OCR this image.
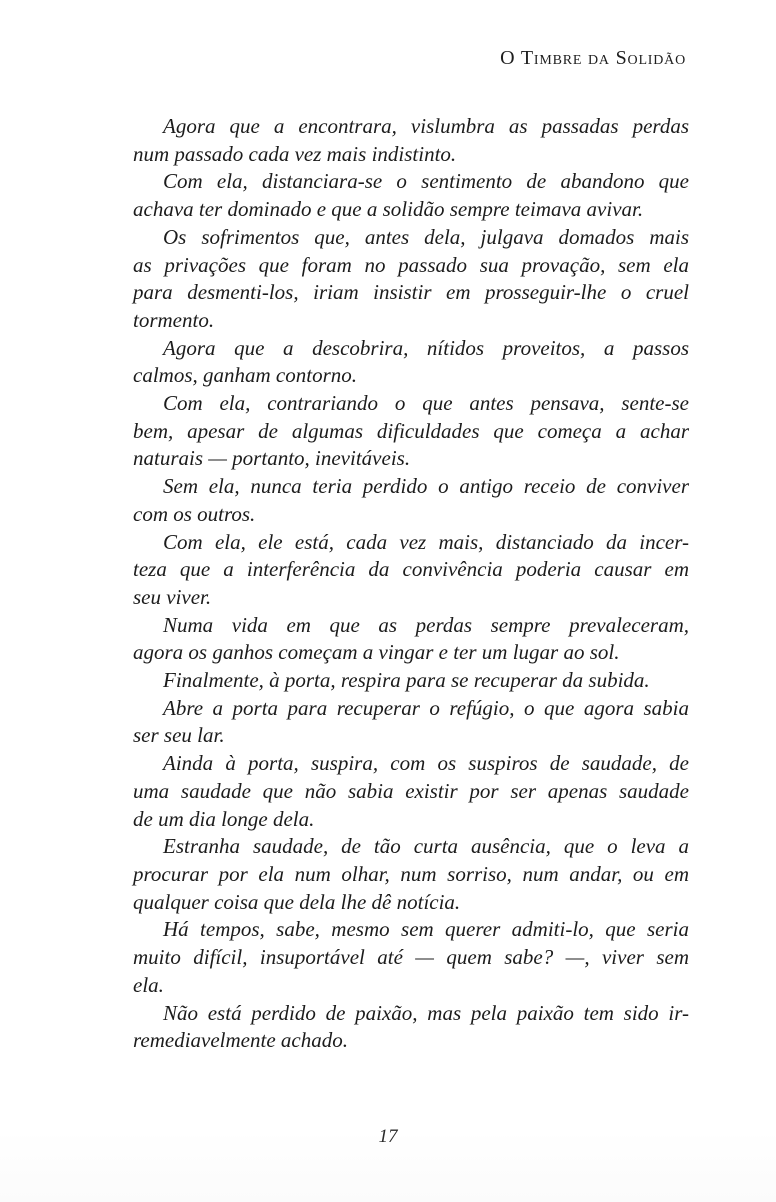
O Timbre da Solidão

Agora que a encontrara, vislumbra as passadas perdas
num passado cada vez mais indistinto.

Com ela, distanciara-se o sentimento de abandono que
achava ter dominado e que a solidão sempre teimava avivar.

Os sofrimentos que, antes dela, julgava domados mais
as privações que foram no passado sua provação, sem ela
para desmenti-los, iriam insistir em prosseguir-lhe o cruel
tormento.

Agora que a descobrira, nítidos proveitos, a passos
calmos, ganham contorno.

Com ela, contrariando o que antes pensava, sente-se
bem, apesar de algumas dificuldades que começa a achar
naturais — portanto, inevitáveis.

Sem ela, nunca teria perdido o antigo receio de conviver
com os outros.

Com ela, ele está, cada vez mais, distanciado da incer-
teza que a interferência da convivência poderia causar em
seu viver.

Numa vida em que as perdas sempre prevaleceram,
agora os ganhos começam a vingar e ter um lugar ao sol.

Finalmente, à porta, respira para se recuperar da subida.

Abre a porta para recuperar o refúgio, o que agora sabia
ser seu lar.

Ainda à porta, suspira, com os suspiros de saudade, de
uma saudade que não sabia existir por ser apenas saudade
de um dia longe dela.

Estranha saudade, de tão curta ausência, que o leva a
procurar por ela num olhar, num sorriso, num andar, ou em
qualquer coisa que dela lhe dê notícia.

Há tempos, sabe, mesmo sem querer admiti-lo, que seria
muito difícil, insuportável até — quem sabe? —, viver sem
ela.

Não está perdido de paixão, mas pela paixão tem sido ir-
remediavelmente achado.

17
